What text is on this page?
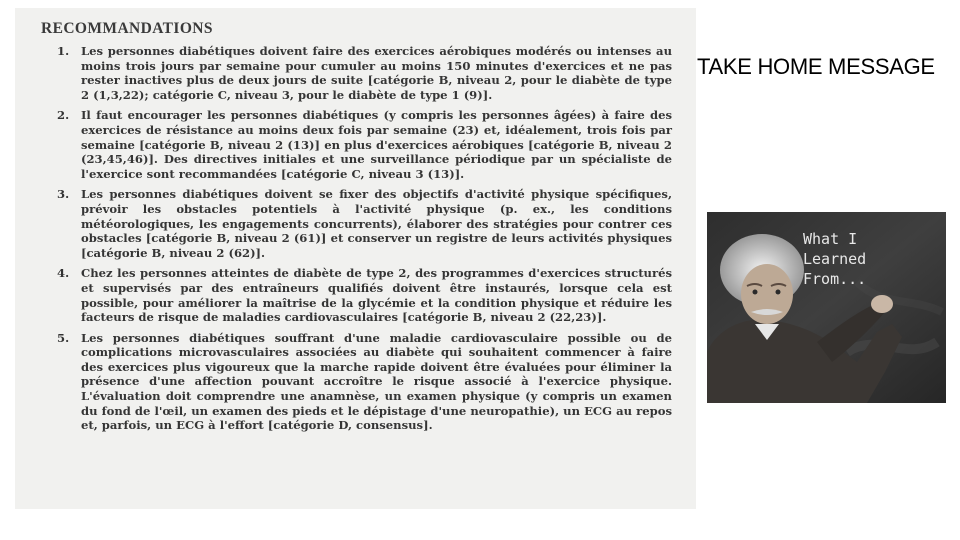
RECOMMANDATIONS
1. Les personnes diabétiques doivent faire des exercices aérobiques modérés ou intenses au moins trois jours par semaine pour cumuler au moins 150 minutes d'exercices et ne pas rester inactives plus de deux jours de suite [catégorie B, niveau 2, pour le diabète de type 2 (1,3,22); catégorie C, niveau 3, pour le diabète de type 1 (9)].
2. Il faut encourager les personnes diabétiques (y compris les personnes âgées) à faire des exercices de résistance au moins deux fois par semaine (23) et, idéalement, trois fois par semaine [catégorie B, niveau 2 (13)] en plus d'exercices aérobiques [catégorie B, niveau 2 (23,45,46)]. Des directives initiales et une surveillance périodique par un spécialiste de l'exercice sont recommandées [catégorie C, niveau 3 (13)].
3. Les personnes diabétiques doivent se fixer des objectifs d'activité physique spécifiques, prévoir les obstacles potentiels à l'activité physique (p. ex., les conditions météorologiques, les engagements concurrents), élaborer des stratégies pour contrer ces obstacles [catégorie B, niveau 2 (61)] et conserver un registre de leurs activités physiques [catégorie B, niveau 2 (62)].
4. Chez les personnes atteintes de diabète de type 2, des programmes d'exercices structurés et supervisés par des entraîneurs qualifiés doivent être instaurés, lorsque cela est possible, pour améliorer la maîtrise de la glycémie et la condition physique et réduire les facteurs de risque de maladies cardiovasculaires [catégorie B, niveau 2 (22,23)].
5. Les personnes diabétiques souffrant d'une maladie cardiovasculaire possible ou de complications microvasculaires associées au diabète qui souhaitent commencer à faire des exercices plus vigoureux que la marche rapide doivent être évaluées pour éliminer la présence d'une affection pouvant accroître le risque associé à l'exercice physique. L'évaluation doit comprendre une anamnèse, un examen physique (y compris un examen du fond de l'œil, un examen des pieds et le dépistage d'une neuropathie), un ECG au repos et, parfois, un ECG à l'effort [catégorie D, consensus].
TAKE HOME MESSAGE
What I
Learned
From...
